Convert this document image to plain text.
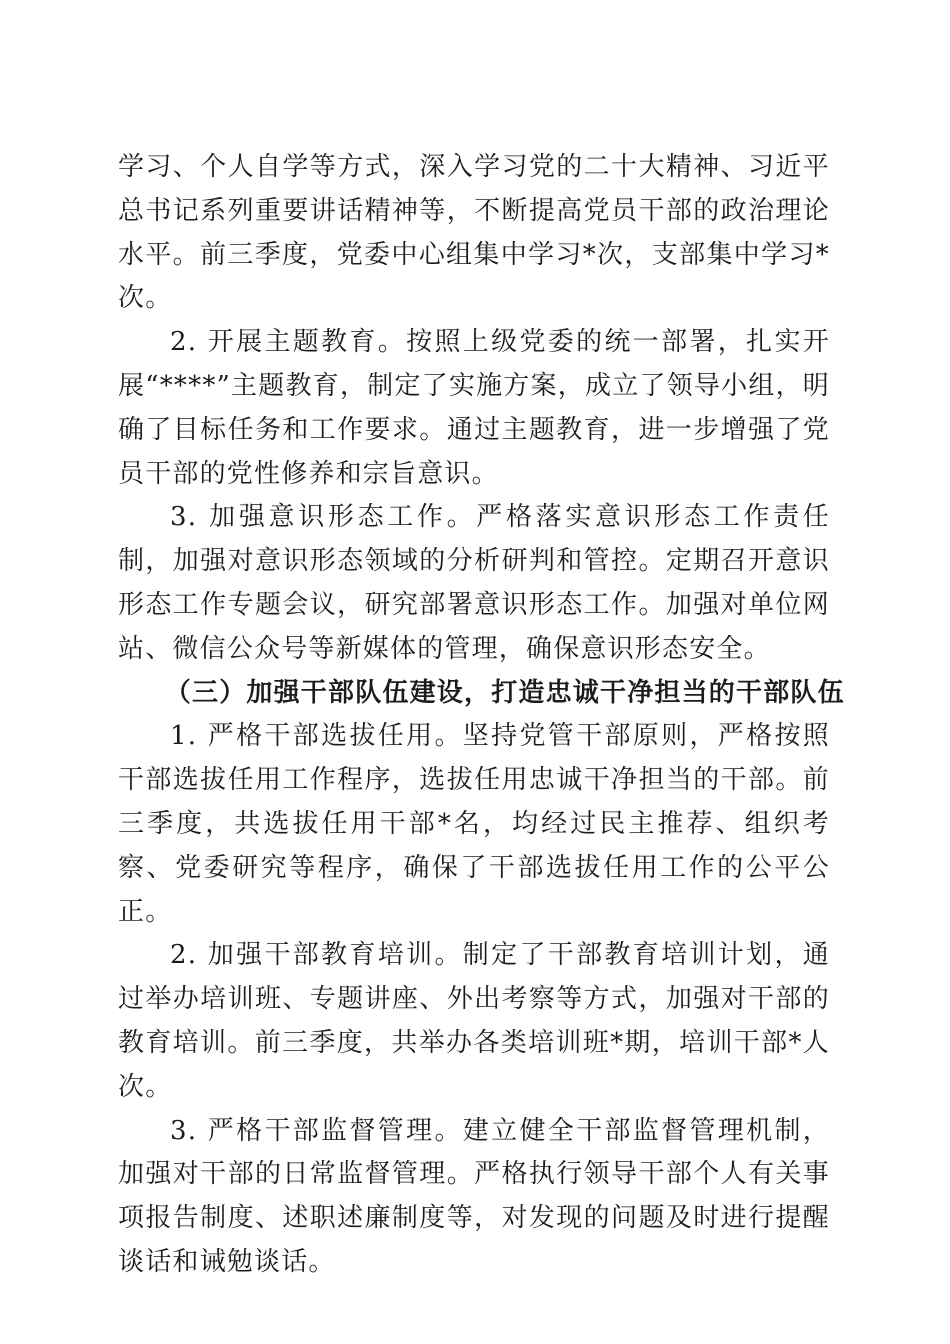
学习、个人自学等方式，深入学习党的二十大精神、习近平总书记系列重要讲话精神等，不断提高党员干部的政治理论水平。前三季度，党委中心组集中学习*次，支部集中学习*次。

2. 开展主题教育。按照上级党委的统一部署，扎实开展“****”主题教育，制定了实施方案，成立了领导小组，明确了目标任务和工作要求。通过主题教育，进一步增强了党员干部的党性修养和宗旨意识。

3. 加强意识形态工作。严格落实意识形态工作责任制，加强对意识形态领域的分析研判和管控。定期召开意识形态工作专题会议，研究部署意识形态工作。加强对单位网站、微信公众号等新媒体的管理，确保意识形态安全。

（三）加强干部队伍建设，打造忠诚干净担当的干部队伍

1. 严格干部选拔任用。坚持党管干部原则，严格按照干部选拔任用工作程序，选拔任用忠诚干净担当的干部。前三季度，共选拔任用干部*名，均经过民主推荐、组织考察、党委研究等程序，确保了干部选拔任用工作的公平公正。

2. 加强干部教育培训。制定了干部教育培训计划，通过举办培训班、专题讲座、外出考察等方式，加强对干部的教育培训。前三季度，共举办各类培训班*期，培训干部*人次。

3. 严格干部监督管理。建立健全干部监督管理机制，加强对干部的日常监督管理。严格执行领导干部个人有关事项报告制度、述职述廉制度等，对发现的问题及时进行提醒谈话和诫勉谈话。
